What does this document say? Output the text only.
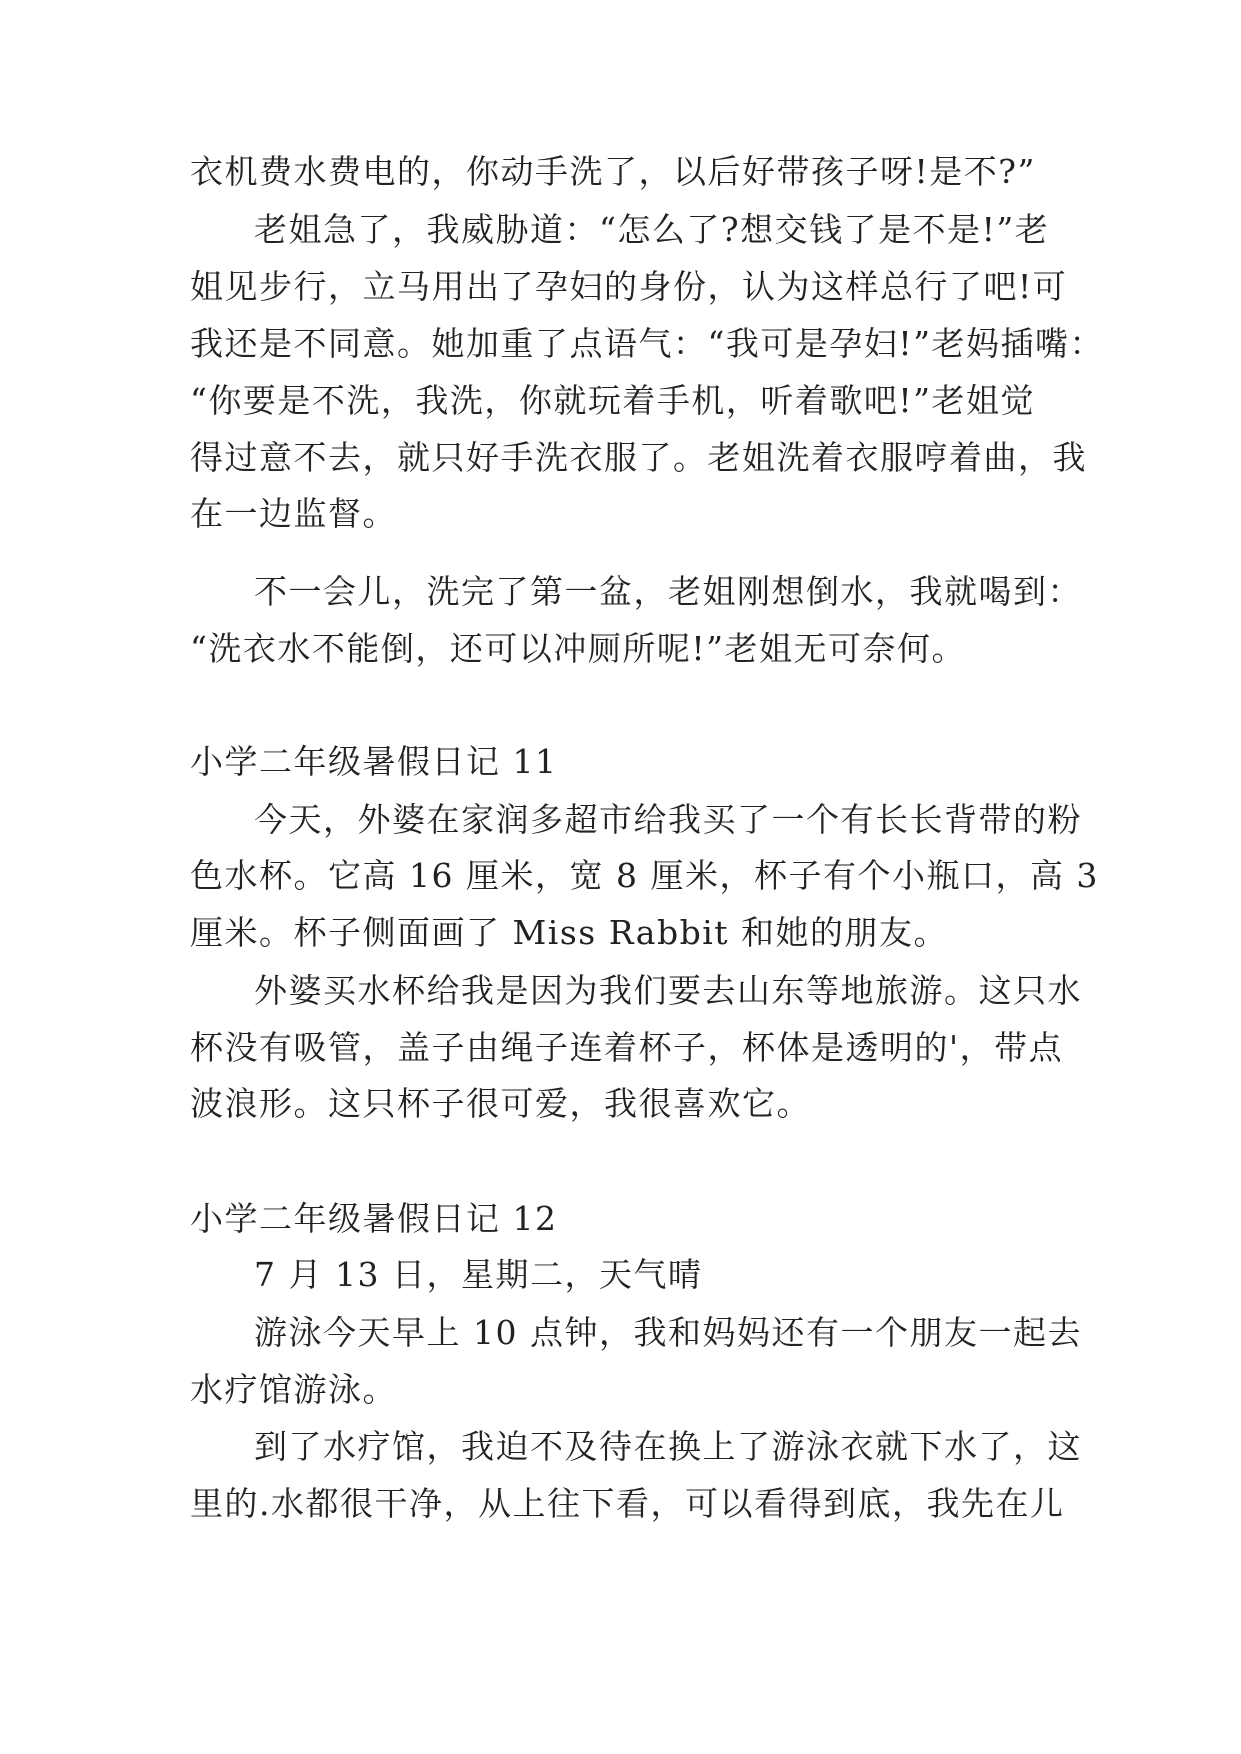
衣机费水费电的，你动手洗了，以后好带孩子呀!是不?”
老姐急了，我威胁道：“怎么了?想交钱了是不是!”老
姐见步行，立马用出了孕妇的身份，认为这样总行了吧!可
我还是不同意。她加重了点语气：“我可是孕妇!”老妈插嘴：
“你要是不洗，我洗，你就玩着手机，听着歌吧!”老姐觉
得过意不去，就只好手洗衣服了。老姐洗着衣服哼着曲，我
在一边监督。
不一会儿，洗完了第一盆，老姐刚想倒水，我就喝到：
“洗衣水不能倒，还可以冲厕所呢!”老姐无可奈何。
小学二年级暑假日记 11
今天，外婆在家润多超市给我买了一个有长长背带的粉
色水杯。它高 16 厘米，宽 8 厘米，杯子有个小瓶口，高 3
厘米。杯子侧面画了 Miss Rabbit 和她的朋友。
外婆买水杯给我是因为我们要去山东等地旅游。这只水
杯没有吸管，盖子由绳子连着杯子，杯体是透明的'，带点
波浪形。这只杯子很可爱，我很喜欢它。
小学二年级暑假日记 12
7 月 13 日，星期二，天气晴
游泳今天早上 10 点钟，我和妈妈还有一个朋友一起去
水疗馆游泳。
到了水疗馆，我迫不及待在换上了游泳衣就下水了，这
里的.水都很干净，从上往下看，可以看得到底，我先在儿
